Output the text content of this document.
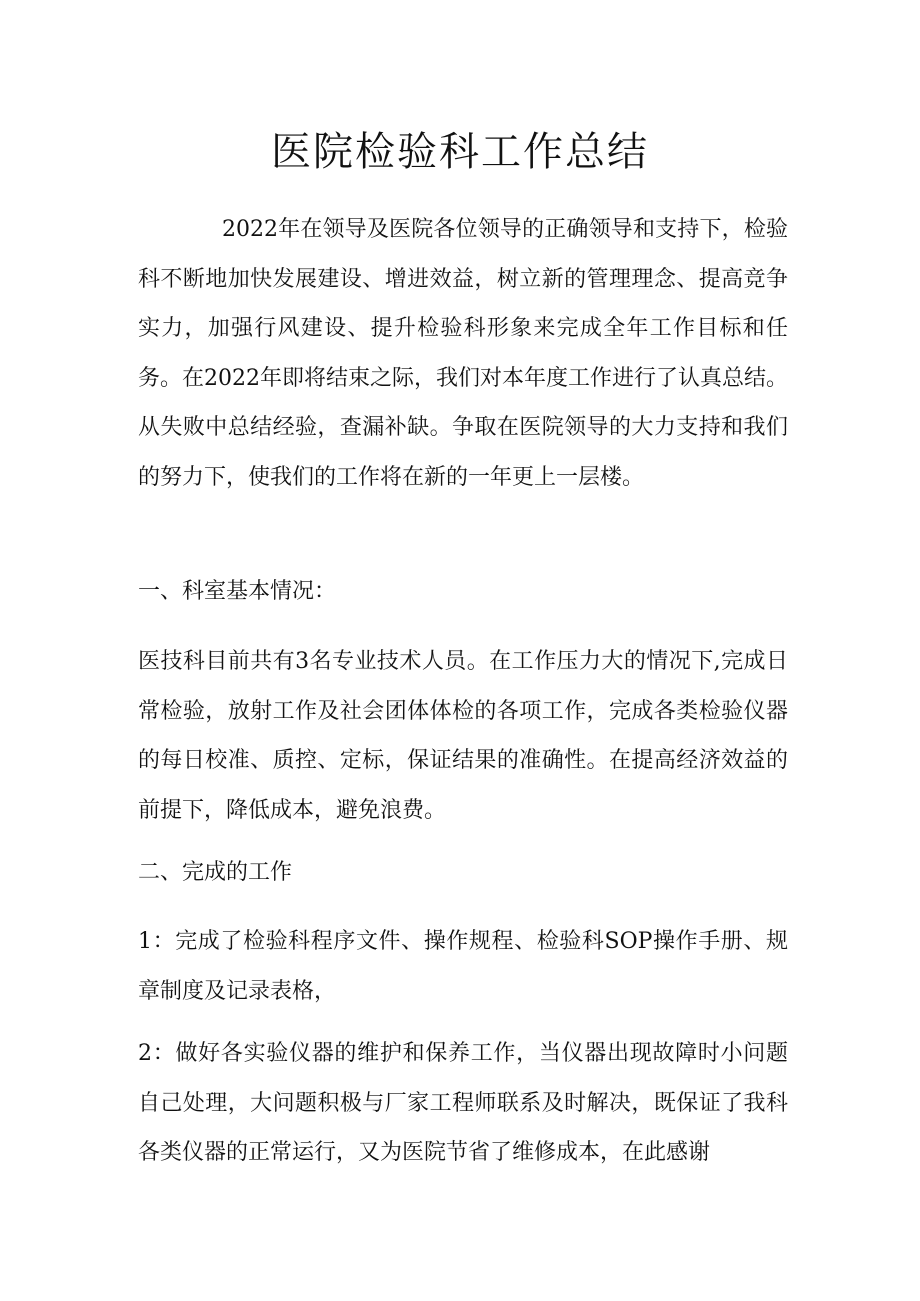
医院检验科工作总结

2022年在领导及医院各位领导的正确领导和支持下，检验科不断地加快发展建设、增进效益，树立新的管理理念、提高竞争实力，加强行风建设、提升检验科形象来完成全年工作目标和任务。在2022年即将结束之际，我们对本年度工作进行了认真总结。从失败中总结经验，查漏补缺。争取在医院领导的大力支持和我们的努力下，使我们的工作将在新的一年更上一层楼。

一、科室基本情况：

医技科目前共有3名专业技术人员。在工作压力大的情况下,完成日常检验，放射工作及社会团体体检的各项工作，完成各类检验仪器的每日校准、质控、定标，保证结果的准确性。在提高经济效益的前提下，降低成本，避免浪费。

二、完成的工作

1：完成了检验科程序文件、操作规程、检验科SOP操作手册、规章制度及记录表格，

2：做好各实验仪器的维护和保养工作，当仪器出现故障时小问题自己处理，大问题积极与厂家工程师联系及时解决，既保证了我科各类仪器的正常运行，又为医院节省了维修成本，在此感谢
